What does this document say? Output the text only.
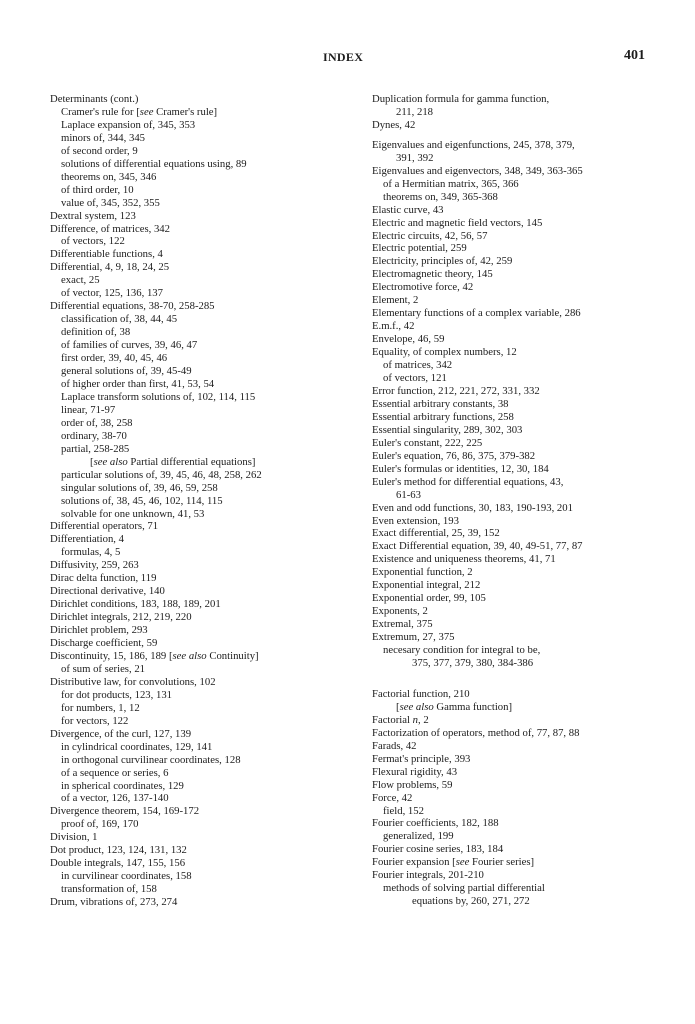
INDEX	401
Determinants (cont.)
Cramer's rule for [see Cramer's rule]
Laplace expansion of, 345, 353
minors of, 344, 345
of second order, 9
solutions of differential equations using, 89
theorems on, 345, 346
of third order, 10
value of, 345, 352, 355
Dextral system, 123
Difference, of matrices, 342
of vectors, 122
Differentiable functions, 4
Differential, 4, 9, 18, 24, 25
exact, 25
of vector, 125, 136, 137
Differential equations, 38-70, 258-285
classification of, 38, 44, 45
definition of, 38
of families of curves, 39, 46, 47
first order, 39, 40, 45, 46
general solutions of, 39, 45-49
of higher order than first, 41, 53, 54
Laplace transform solutions of, 102, 114, 115
linear, 71-97
order of, 38, 258
ordinary, 38-70
partial, 258-285
[see also Partial differential equations]
particular solutions of, 39, 45, 46, 48, 258, 262
singular solutions of, 39, 46, 59, 258
solutions of, 38, 45, 46, 102, 114, 115
solvable for one unknown, 41, 53
Differential operators, 71
Differentiation, 4
formulas, 4, 5
Diffusivity, 259, 263
Dirac delta function, 119
Directional derivative, 140
Dirichlet conditions, 183, 188, 189, 201
Dirichlet integrals, 212, 219, 220
Dirichlet problem, 293
Discharge coefficient, 59
Discontinuity, 15, 186, 189 [see also Continuity]
of sum of series, 21
Distributive law, for convolutions, 102
for dot products, 123, 131
for numbers, 1, 12
for vectors, 122
Divergence, of the curl, 127, 139
in cylindrical coordinates, 129, 141
in orthogonal curvilinear coordinates, 128
of a sequence or series, 6
in spherical coordinates, 129
of a vector, 126, 137-140
Divergence theorem, 154, 169-172
proof of, 169, 170
Division, 1
Dot product, 123, 124, 131, 132
Double integrals, 147, 155, 156
in curvilinear coordinates, 158
transformation of, 158
Drum, vibrations of, 273, 274
Duplication formula for gamma function,
211, 218
Dynes, 42
Eigenvalues and eigenfunctions, 245, 378, 379,
391, 392
Eigenvalues and eigenvectors, 348, 349, 363-365
of a Hermitian matrix, 365, 366
theorems on, 349, 365-368
Elastic curve, 43
Electric and magnetic field vectors, 145
Electric circuits, 42, 56, 57
Electric potential, 259
Electricity, principles of, 42, 259
Electromagnetic theory, 145
Electromotive force, 42
Element, 2
Elementary functions of a complex variable, 286
E.m.f., 42
Envelope, 46, 59
Equality, of complex numbers, 12
of matrices, 342
of vectors, 121
Error function, 212, 221, 272, 331, 332
Essential arbitrary constants, 38
Essential arbitrary functions, 258
Essential singularity, 289, 302, 303
Euler's constant, 222, 225
Euler's equation, 76, 86, 375, 379-382
Euler's formulas or identities, 12, 30, 184
Euler's method for differential equations, 43,
61-63
Even and odd functions, 30, 183, 190-193, 201
Even extension, 193
Exact differential, 25, 39, 152
Exact Differential equation, 39, 40, 49-51, 77, 87
Existence and uniqueness theorems, 41, 71
Exponential function, 2
Exponential integral, 212
Exponential order, 99, 105
Exponents, 2
Extremal, 375
Extremum, 27, 375
necesary condition for integral to be,
375, 377, 379, 380, 384-386
Factorial function, 210
[see also Gamma function]
Factorial n, 2
Factorization of operators, method of, 77, 87, 88
Farads, 42
Fermat's principle, 393
Flexural rigidity, 43
Flow problems, 59
Force, 42
field, 152
Fourier coefficients, 182, 188
generalized, 199
Fourier cosine series, 183, 184
Fourier expansion [see Fourier series]
Fourier integrals, 201-210
methods of solving partial differential
equations by, 260, 271, 272
